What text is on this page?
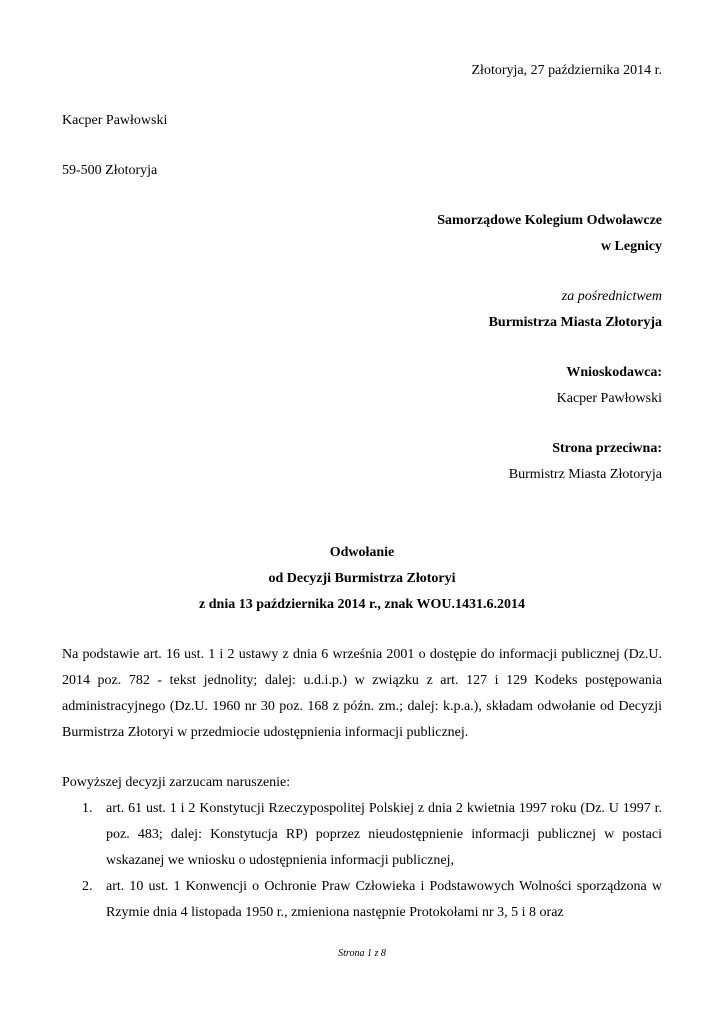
Złotoryja, 27 października 2014 r.

Kacper Pawłowski

59-500 Złotoryja

Samorządowe Kolegium Odwoławcze

w Legnicy

za pośrednictwem

Burmistrza Miasta Złotoryja

Wnioskodawca:

Kacper Pawłowski

Strona przeciwna:

Burmistrz Miasta Złotoryja

Odwołanie

od Decyzji Burmistrza Złotoryi

z dnia 13 października 2014 r., znak WOU.1431.6.2014

Na podstawie art. 16 ust. 1 i 2 ustawy z dnia 6 września 2001 o dostępie do informacji publicznej (Dz.U. 2014 poz. 782 - tekst jednolity; dalej: u.d.i.p.) w związku z art. 127 i 129 Kodeks postępowania administracyjnego (Dz.U. 1960 nr 30 poz. 168 z późn. zm.; dalej: k.p.a.), składam odwołanie od Decyzji Burmistrza Złotoryi w przedmiocie udostępnienia informacji publicznej.

Powyższej decyzji zarzucam naruszenie:

1. art. 61 ust. 1 i 2 Konstytucji Rzeczypospolitej Polskiej z dnia 2 kwietnia 1997 roku (Dz. U 1997 r. poz. 483; dalej: Konstytucja RP) poprzez nieudostępnienie informacji publicznej w postaci wskazanej we wniosku o udostępnienia informacji publicznej,
2. art. 10 ust. 1 Konwencji o Ochronie Praw Człowieka i Podstawowych Wolności sporządzona w Rzymie dnia 4 listopada 1950 r., zmieniona następnie Protokołami nr 3, 5 i 8 oraz
Strona 1 z 8
